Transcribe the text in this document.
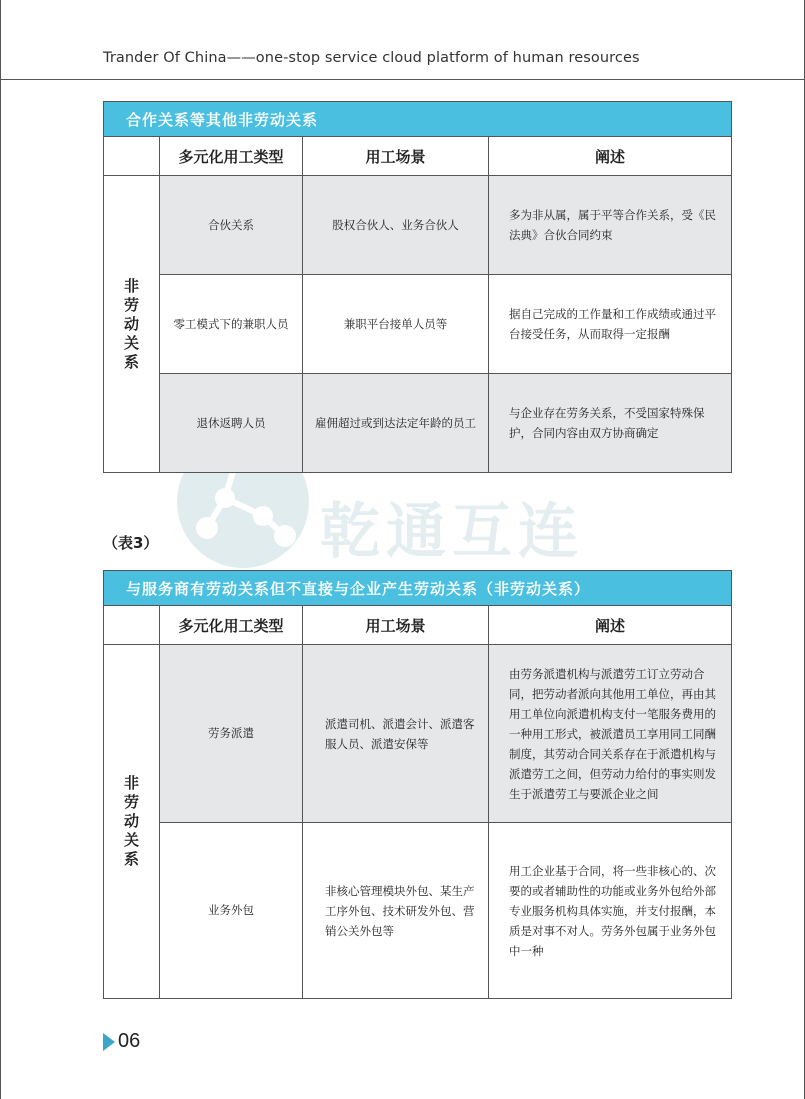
Trander Of China——one-stop service cloud platform of human resources
乾通互连
合作关系等其他非劳动关系			
	多元化用工类型	用工场景	阐述
非劳动关系	合伙关系	股权合伙人、业务合伙人	多为非从属，属于平等合作关系，受《民法典》合伙合同约束
	零工模式下的兼职人员	兼职平台接单人员等	据自己完成的工作量和工作成绩或通过平台接受任务，从而取得一定报酬
	退休返聘人员	雇佣超过或到达法定年龄的员工	与企业存在劳务关系，不受国家特殊保护，合同内容由双方协商确定
（表3）
与服务商有劳动关系但不直接与企业产生劳动关系（非劳动关系）			
	多元化用工类型	用工场景	阐述
非劳动关系	劳务派遣	派遣司机、派遣会计、派遣客服人员、派遣安保等	由劳务派遣机构与派遣劳工订立劳动合同，把劳动者派向其他用工单位，再由其用工单位向派遣机构支付一笔服务费用的一种用工形式，被派遣员工享用同工同酬制度，其劳动合同关系存在于派遣机构与派遣劳工之间，但劳动力给付的事实则发生于派遣劳工与要派企业之间
	业务外包	非核心管理模块外包、某生产工序外包、技术研发外包、营销公关外包等	用工企业基于合同，将一些非核心的、次要的或者辅助性的功能或业务外包给外部专业服务机构具体实施，并支付报酬，本质是对事不对人。劳务外包属于业务外包中一种
06
